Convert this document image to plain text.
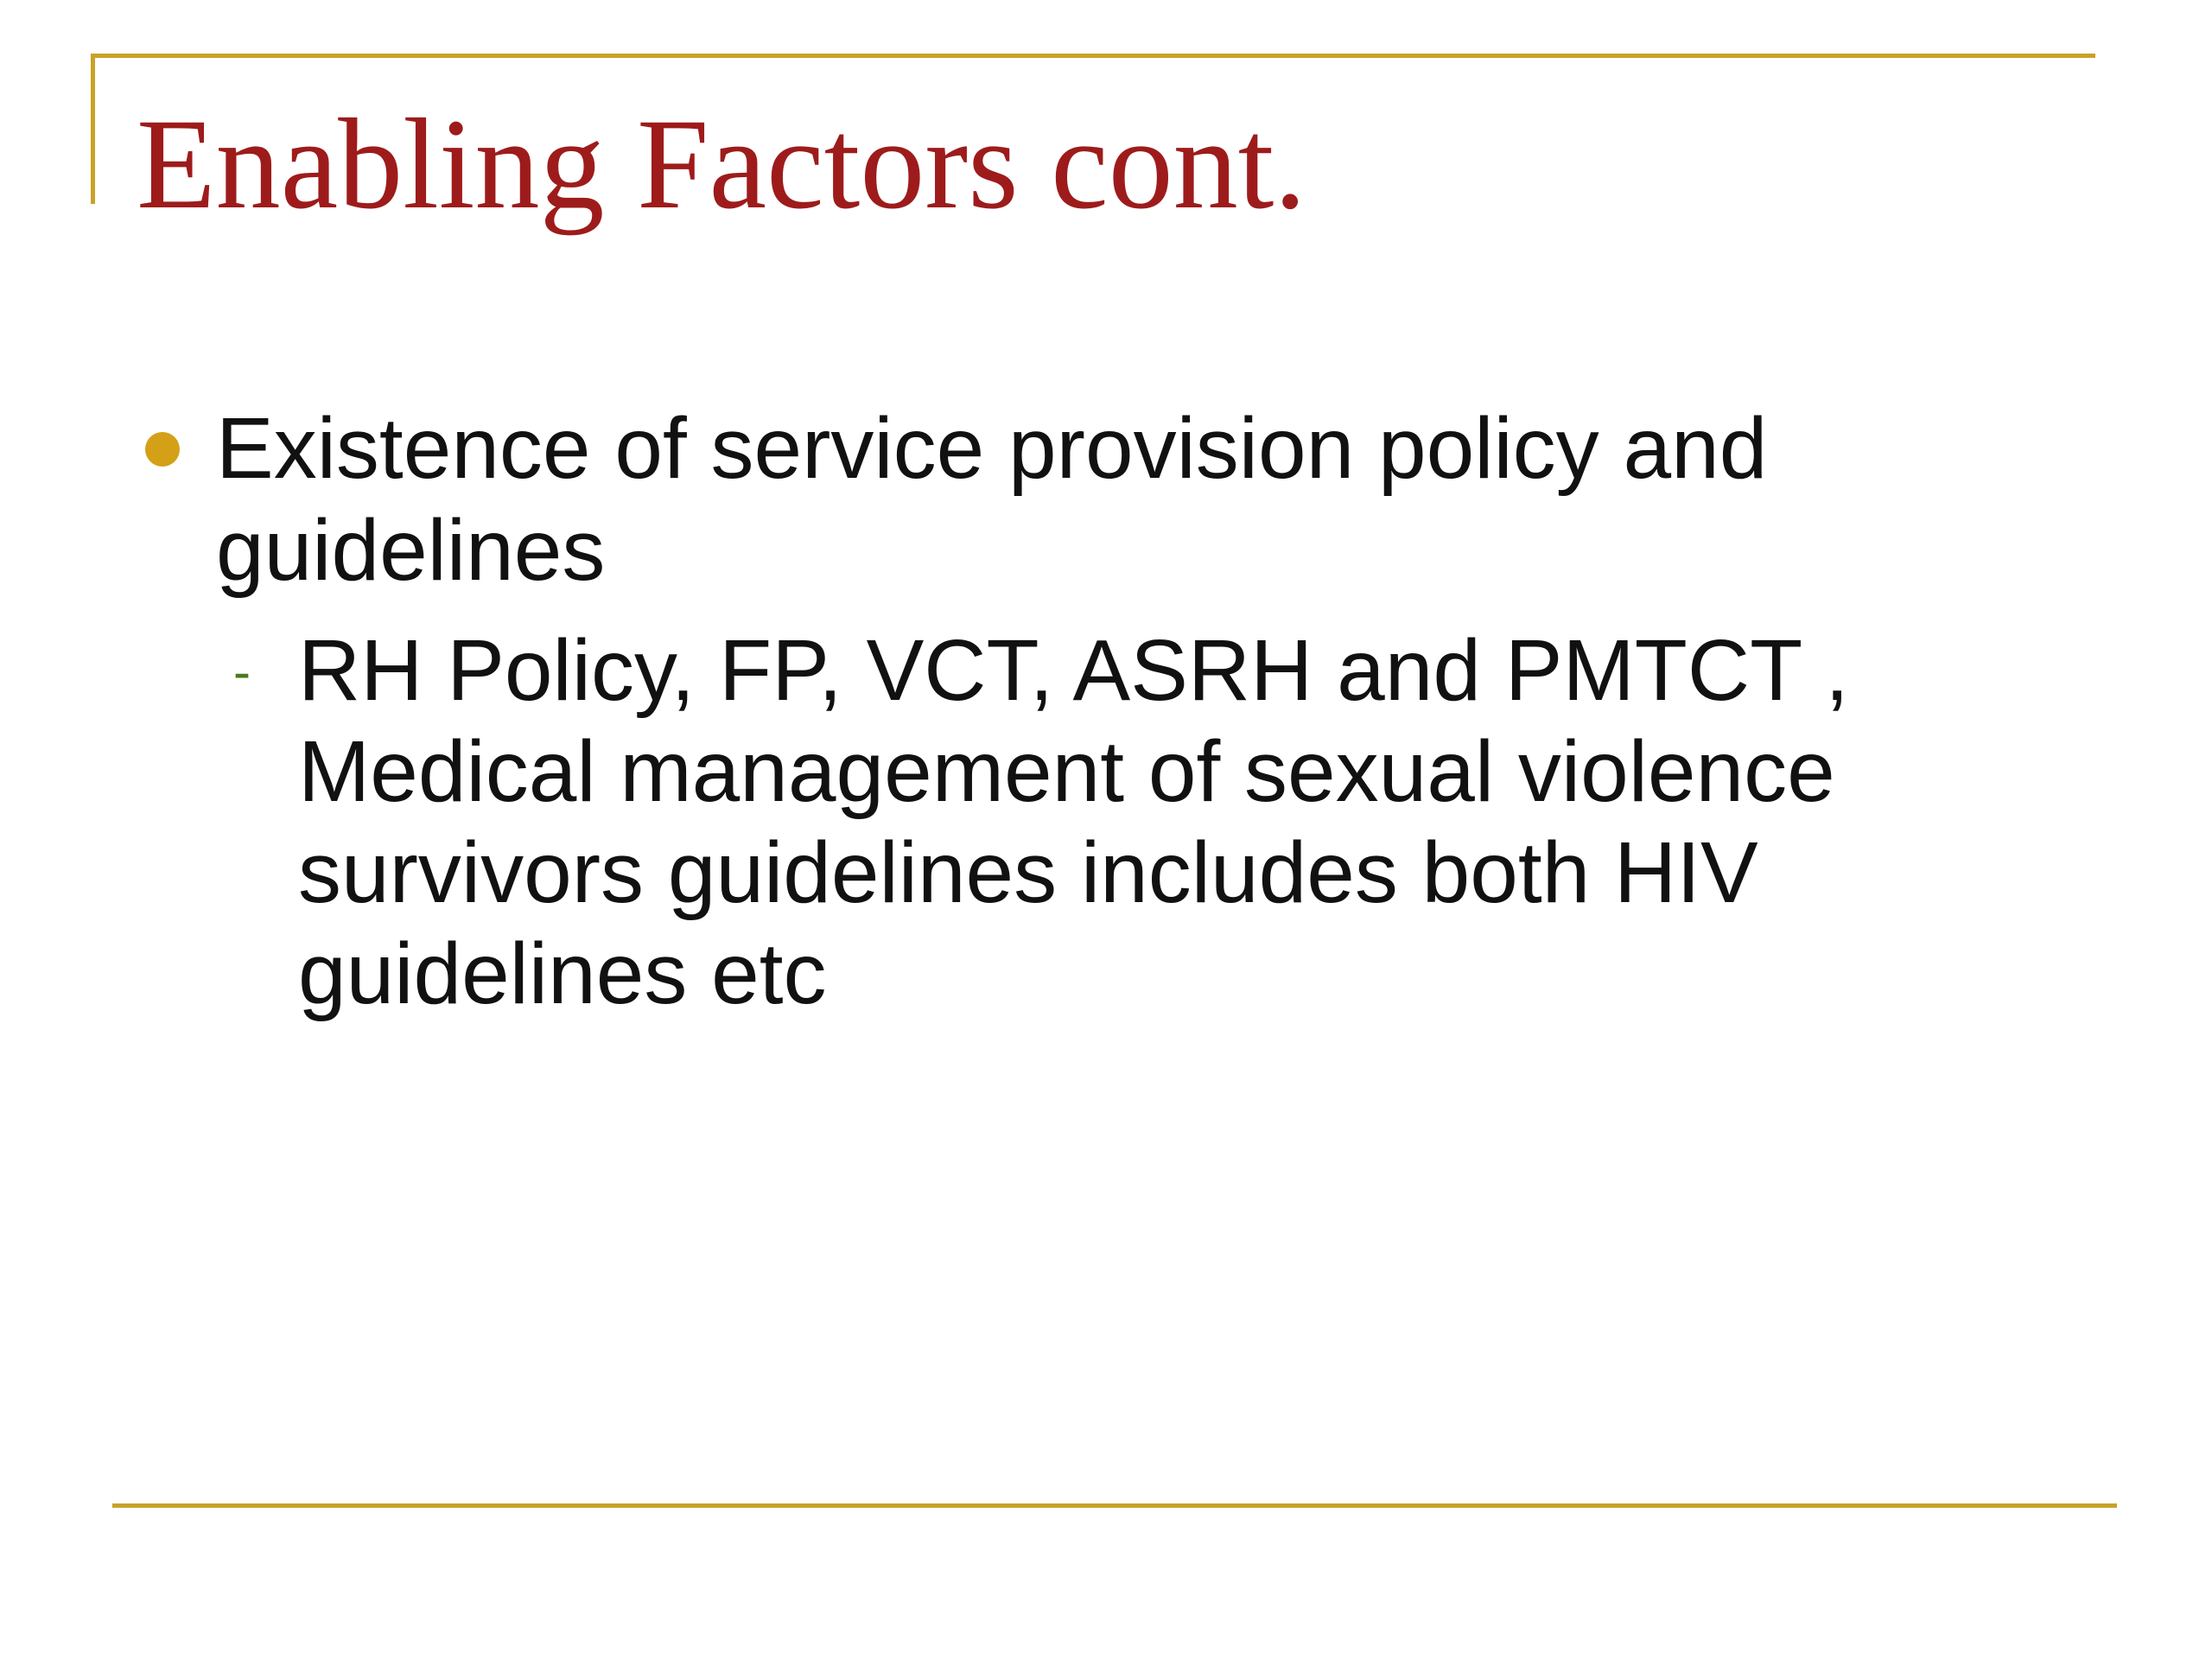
Enabling Factors cont.
Existence of service provision policy and guidelines
- RH Policy, FP, VCT, ASRH and PMTCT ,
Medical management of sexual violence
survivors guidelines includes both HIV
guidelines etc
